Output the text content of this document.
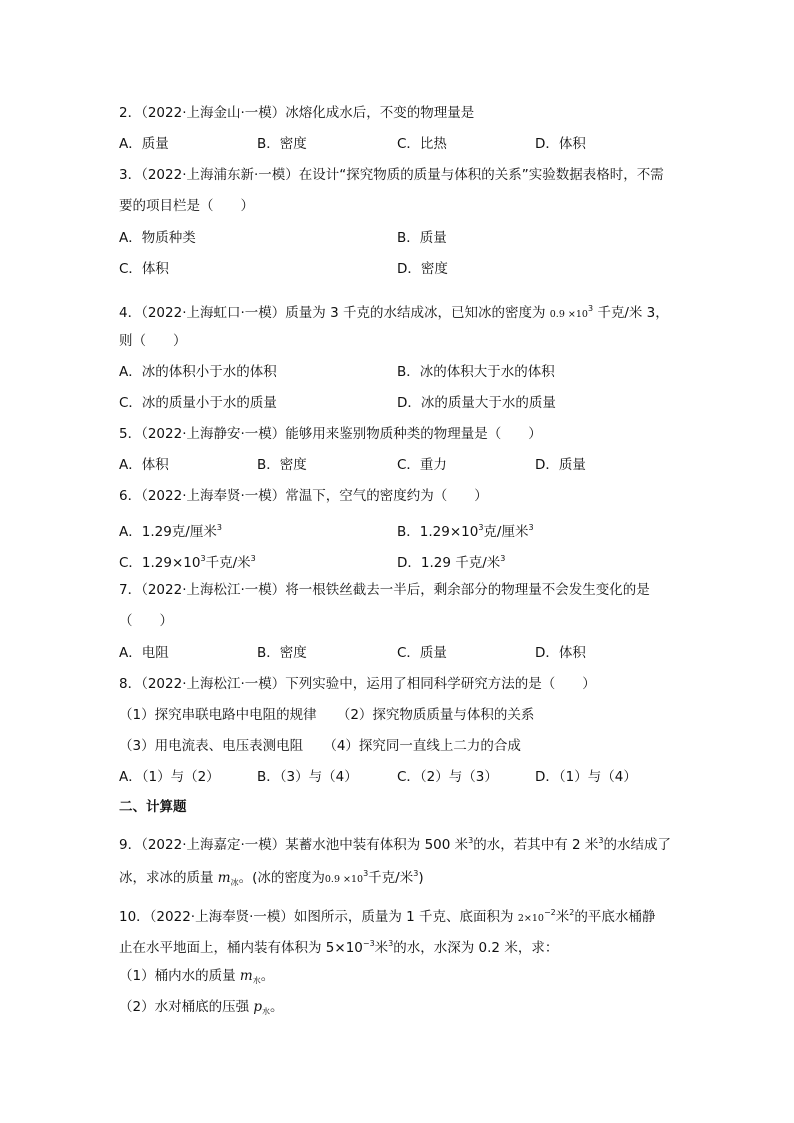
2．（2022·上海金山·一模）冰熔化成水后，不变的物理量是
A．质量	B．密度	C．比热	D．体积
3．（2022·上海浦东新·一模）在设计“探究物质的质量与体积的关系”实验数据表格时，不需
要的项目栏是（　　）
A．物质种类	B．质量
C．体积	D．密度
4．（2022·上海虹口·一模）质量为 3 千克的水结成冰，已知冰的密度为 $0.9 \times 10^3$ 千克/米 3，
则（　　）
A．冰的体积小于水的体积	B．冰的体积大于水的体积
C．冰的质量小于水的质量	D．冰的质量大于水的质量
5．（2022·上海静安·一模）能够用来鉴别物质种类的物理量是（　　）
A．体积	B．密度	C．重力	D．质量
6．（2022·上海奉贤·一模）常温下，空气的密度约为（　　）
A．1.29克/厘米$^3$	B．$1.29\times 10^3$克/厘米$^3$
C．$1.29\times 10^3$千克/米$^3$	D．1.29 千克/米$^3$
7．（2022·上海松江·一模）将一根铁丝截去一半后，剩余部分的物理量不会发生变化的是
（　　）
A．电阻	B．密度	C．质量	D．体积
8．（2022·上海松江·一模）下列实验中，运用了相同科学研究方法的是（　　）
（1）探究串联电路中电阻的规律　　（2）探究物质质量与体积的关系
（3）用电流表、电压表测电阻　　（4）探究同一直线上二力的合成
A．（1）与（2）	B．（3）与（4）	C．（2）与（3）	D．（1）与（4）
二、计算题
9．（2022·上海嘉定·一模）某蓄水池中装有体积为 500 米$^3$的水，若其中有 2 米$^3$的水结成了
冰，求冰的质量 $m_冰$。(冰的密度为$0.9 \times 10^3$千克/米$^3$)
10．（2022·上海奉贤·一模）如图所示，质量为 1 千克、底面积为 $2\times 10^{-2}$米$^2$的平底水桶静
止在水平地面上，桶内装有体积为 $5\times 10^{-3}$米$^3$的水，水深为 0.2 米，求：
（1）桶内水的质量 $m_水$。
（2）水对桶底的压强 $p_水$。
